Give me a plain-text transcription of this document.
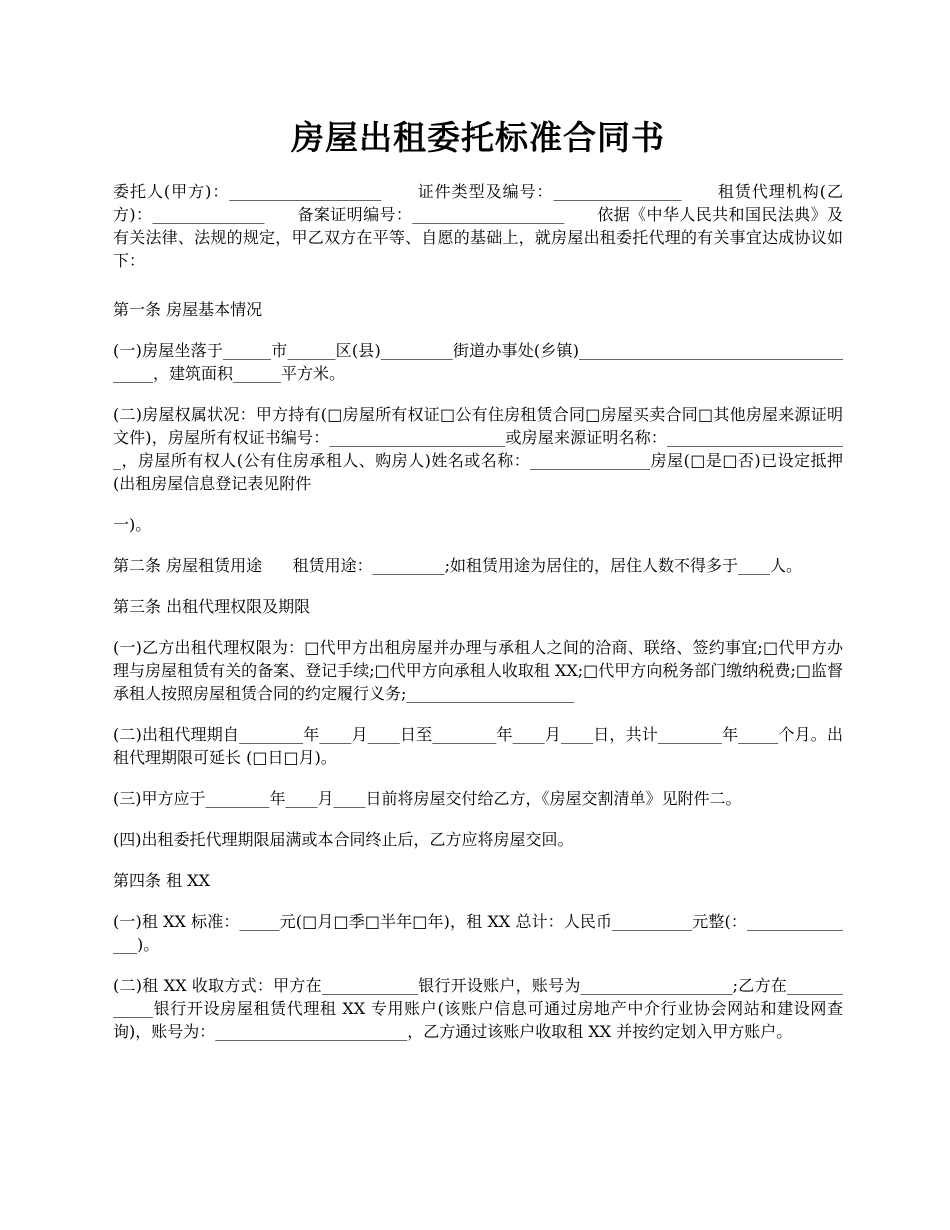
房屋出租委托标准合同书

委托人(甲方)：___________________      证件类型及编号：________________      租赁代理机构(乙方)：______________      备案证明编号：___________________      依据《中华人民共和国民法典》及有关法律、法规的规定，甲乙双方在平等、自愿的基础上，就房屋出租委托代理的有关事宜达成协议如下：

第一条 房屋基本情况

(一)房屋坐落于______市______区(县)_________街道办事处(乡镇)______________________________________，建筑面积______平方米。

(二)房屋权属状况：甲方持有(□房屋所有权证□公有住房租赁合同□房屋买卖合同□其他房屋来源证明文件)，房屋所有权证书编号：______________________或房屋来源证明名称：_______________________，房屋所有权人(公有住房承租人、购房人)姓名或名称：_______________房屋(□是□否)已设定抵押(出租房屋信息登记表见附件

一)。

第二条 房屋租赁用途      租赁用途：_________;如租赁用途为居住的，居住人数不得多于____人。

第三条 出租代理权限及期限

(一)乙方出租代理权限为：□代甲方出租房屋并办理与承租人之间的洽商、联络、签约事宜;□代甲方办理与房屋租赁有关的备案、登记手续;□代甲方向承租人收取租 XX;□代甲方向税务部门缴纳税费;□监督承租人按照房屋租赁合同的约定履行义务;_____________________

(二)出租代理期自________年____月____日至________年____月____日，共计________年_____个月。出租代理期限可延长 (□日□月)。

(三)甲方应于________年____月____日前将房屋交付给乙方，《房屋交割清单》见附件二。

(四)出租委托代理期限届满或本合同终止后，乙方应将房屋交回。

第四条 租 XX

(一)租 XX 标准：_____元(□月□季□半年□年)，租 XX 总计：人民币__________元整(：_______________)。

(二)租 XX 收取方式：甲方在____________银行开设账户，账号为___________________;乙方在____________银行开设房屋租赁代理租 XX 专用账户(该账户信息可通过房地产中介行业协会网站和建设网查询)，账号为：________________________，乙方通过该账户收取租 XX 并按约定划入甲方账户。
